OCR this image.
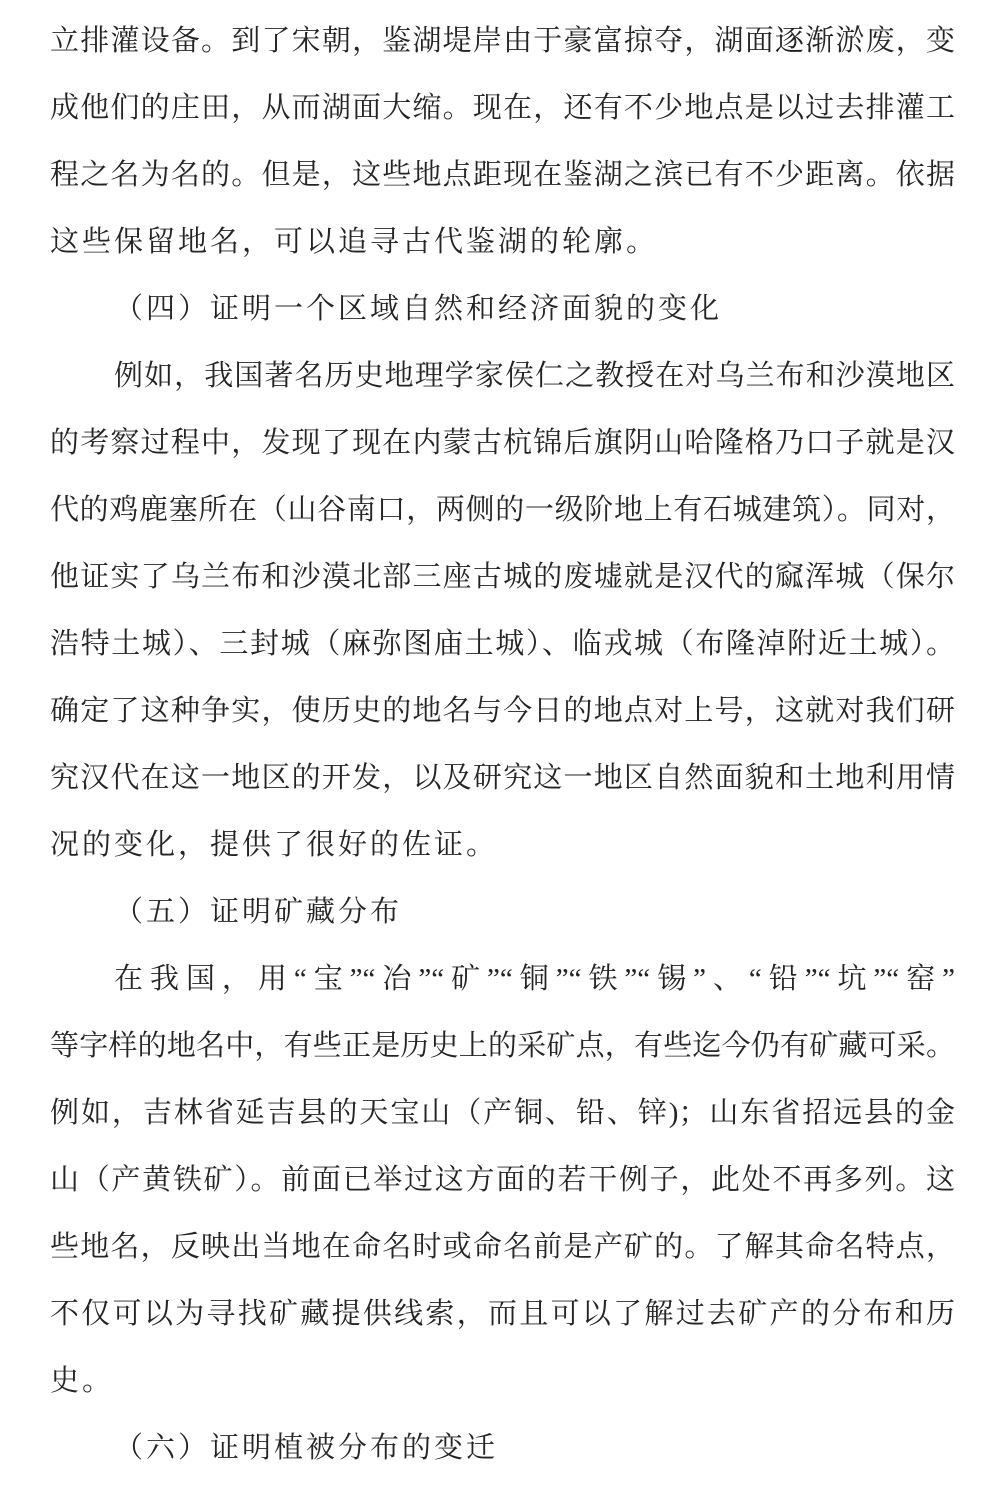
立排灌设备。到了宋朝，鉴湖堤岸由于豪富掠夺，湖面逐渐淤废，变
成他们的庄田，从而湖面大缩。现在，还有不少地点是以过去排灌工
程之名为名的。但是，这些地点距现在鉴湖之滨已有不少距离。依据
这些保留地名，可以追寻古代鉴湖的轮廓。
（四）证明一个区域自然和经济面貌的变化
例如，我国著名历史地理学家侯仁之教授在对乌兰布和沙漠地区
的考察过程中，发现了现在内蒙古杭锦后旗阴山哈隆格乃口子就是汉
代的鸡鹿塞所在（山谷南口，两侧的一级阶地上有石城建筑）。同对，
他证实了乌兰布和沙漠北部三座古城的废墟就是汉代的窳浑城（保尔
浩特土城）、三封城（麻弥图庙土城）、临戎城（布隆淖附近土城）。
确定了这种争实，使历史的地名与今日的地点对上号，这就对我们研
究汉代在这一地区的开发，以及研究这一地区自然面貌和土地利用情
况的变化，提供了很好的佐证。
（五）证明矿藏分布
在我国，用“宝”“冶”“矿”“铜”“铁”“锡”、“铅”“坑”“窑”
等字样的地名中，有些正是历史上的采矿点，有些迄今仍有矿藏可采。
例如，吉林省延吉县的天宝山（产铜、铅、锌)；山东省招远县的金
山（产黄铁矿）。前面已举过这方面的若干例子，此处不再多列。这
些地名，反映出当地在命名时或命名前是产矿的。了解其命名特点，
不仅可以为寻找矿藏提供线索，而且可以了解过去矿产的分布和历
史。
（六）证明植被分布的变迁
